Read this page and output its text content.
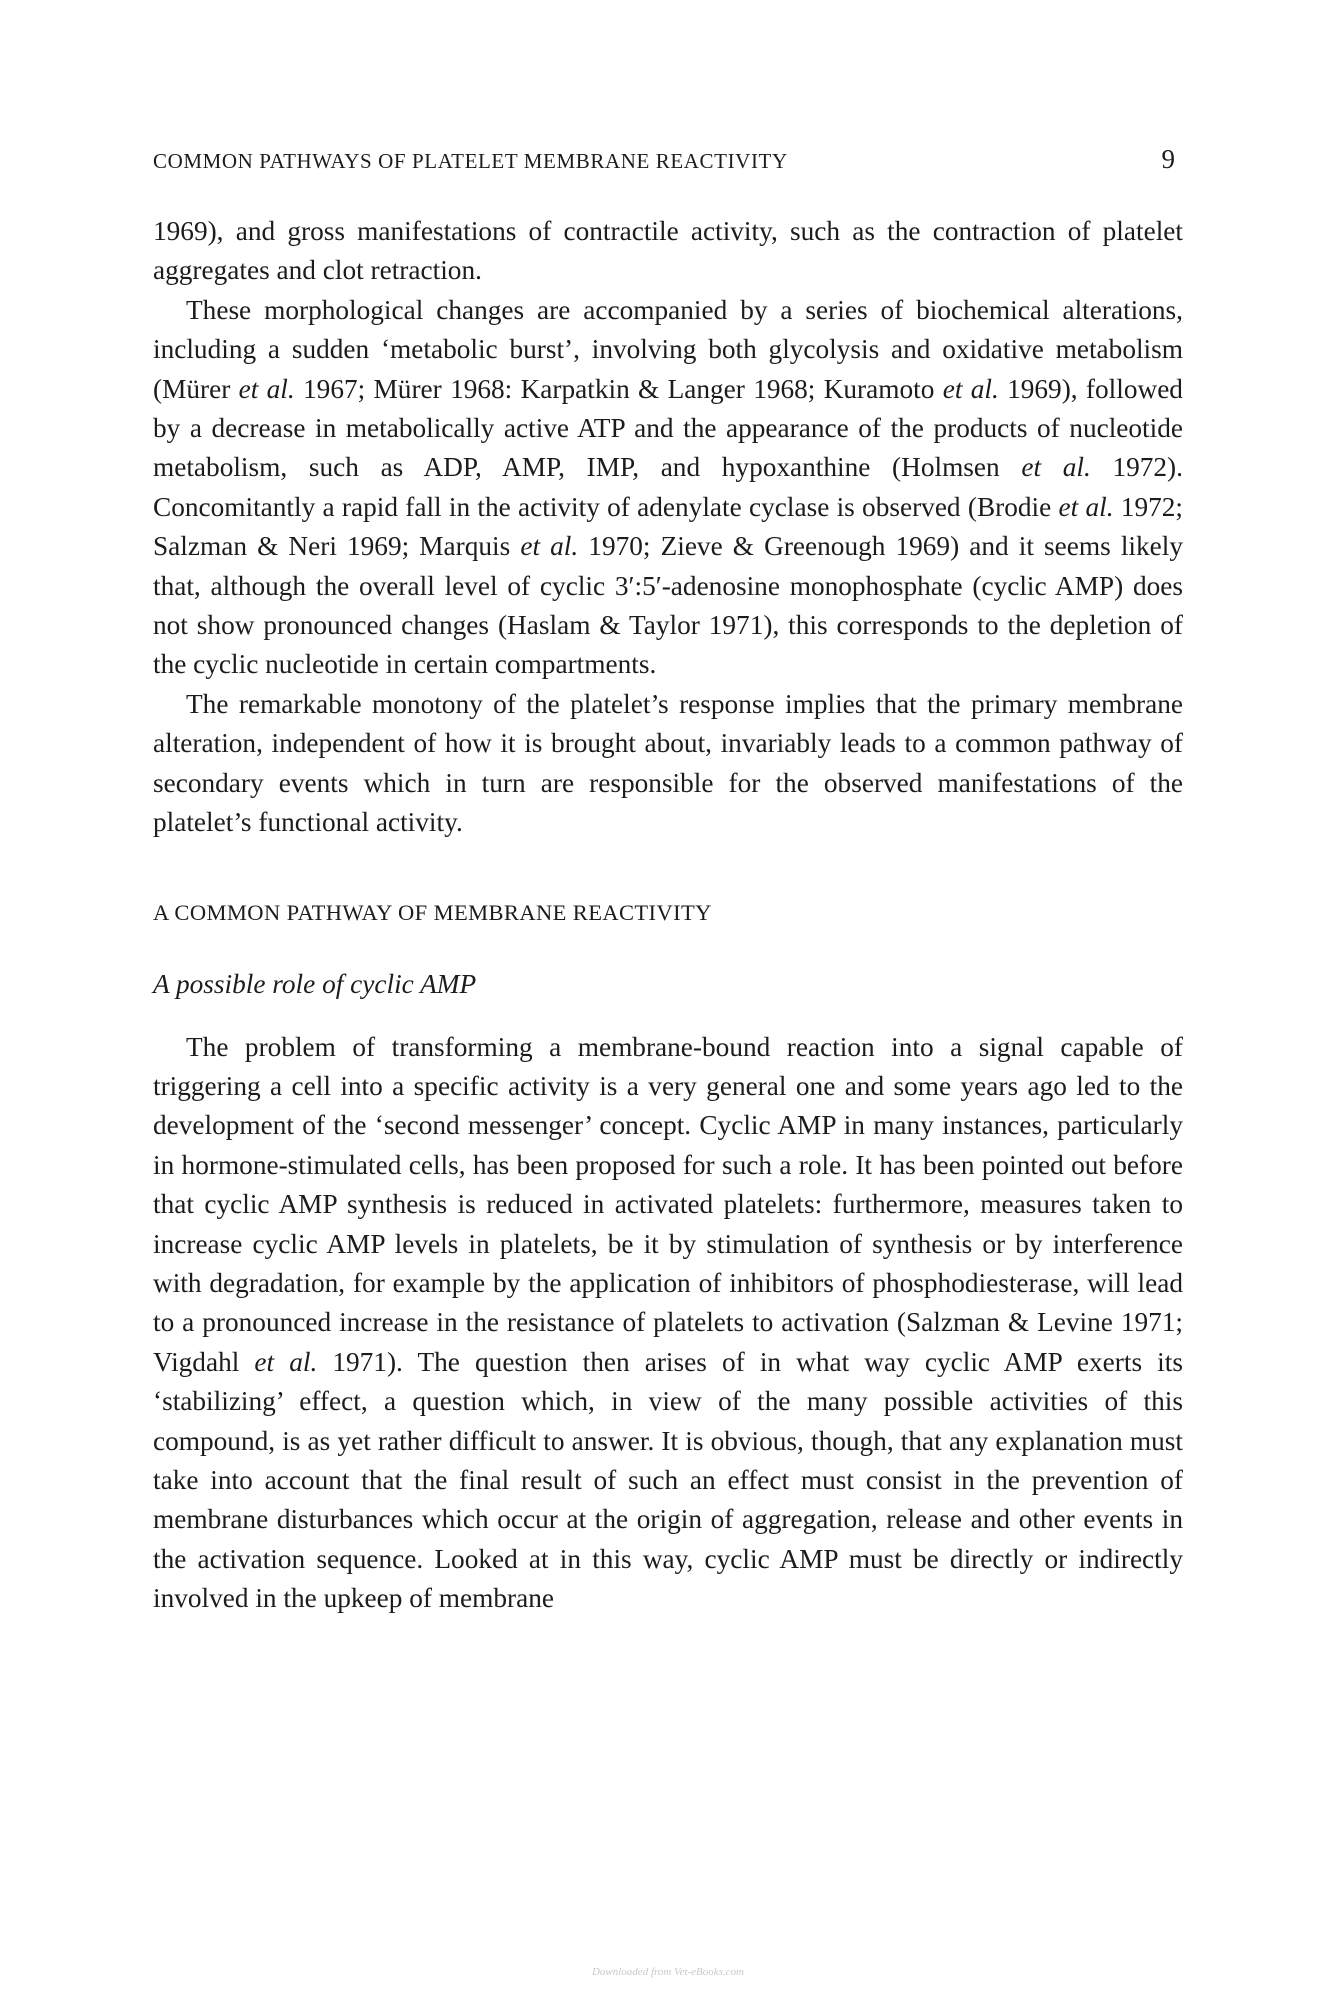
COMMON PATHWAYS OF PLATELET MEMBRANE REACTIVITY	9

1969), and gross manifestations of contractile activity, such as the contraction of platelet aggregates and clot retraction.

These morphological changes are accompanied by a series of biochemical alterations, including a sudden ‘metabolic burst’, involving both glycolysis and oxidative metabolism (Mürer et al. 1967; Mürer 1968: Karpatkin & Langer 1968; Kuramoto et al. 1969), followed by a decrease in metabolically active ATP and the appearance of the products of nucleotide metabolism, such as ADP, AMP, IMP, and hypoxanthine (Holmsen et al. 1972). Concomitantly a rapid fall in the activity of adenylate cyclase is observed (Brodie et al. 1972; Salzman & Neri 1969; Marquis et al. 1970; Zieve & Greenough 1969) and it seems likely that, although the overall level of cyclic 3′:5′-adenosine monophosphate (cyclic AMP) does not show pronounced changes (Haslam & Taylor 1971), this corresponds to the depletion of the cyclic nucleotide in certain compartments.

The remarkable monotony of the platelet’s response implies that the primary membrane alteration, independent of how it is brought about, invariably leads to a common pathway of secondary events which in turn are responsible for the observed manifestations of the platelet’s functional activity.

A COMMON PATHWAY OF MEMBRANE REACTIVITY
A possible role of cyclic AMP

The problem of transforming a membrane-bound reaction into a signal capable of triggering a cell into a specific activity is a very general one and some years ago led to the development of the ‘second messenger’ concept. Cyclic AMP in many instances, particularly in hormone-stimulated cells, has been proposed for such a role. It has been pointed out before that cyclic AMP synthesis is reduced in activated platelets: furthermore, measures taken to increase cyclic AMP levels in platelets, be it by stimulation of synthesis or by interference with degradation, for example by the application of inhibitors of phosphodiesterase, will lead to a pronounced increase in the resistance of platelets to activation (Salzman & Levine 1971; Vigdahl et al. 1971). The question then arises of in what way cyclic AMP exerts its ‘stabilizing’ effect, a question which, in view of the many possible activities of this compound, is as yet rather difficult to answer. It is obvious, though, that any explanation must take into account that the final result of such an effect must consist in the prevention of membrane disturbances which occur at the origin of aggregation, release and other events in the activation sequence. Looked at in this way, cyclic AMP must be directly or indirectly involved in the upkeep of membrane

Downloaded from Vet-eBooks.com
